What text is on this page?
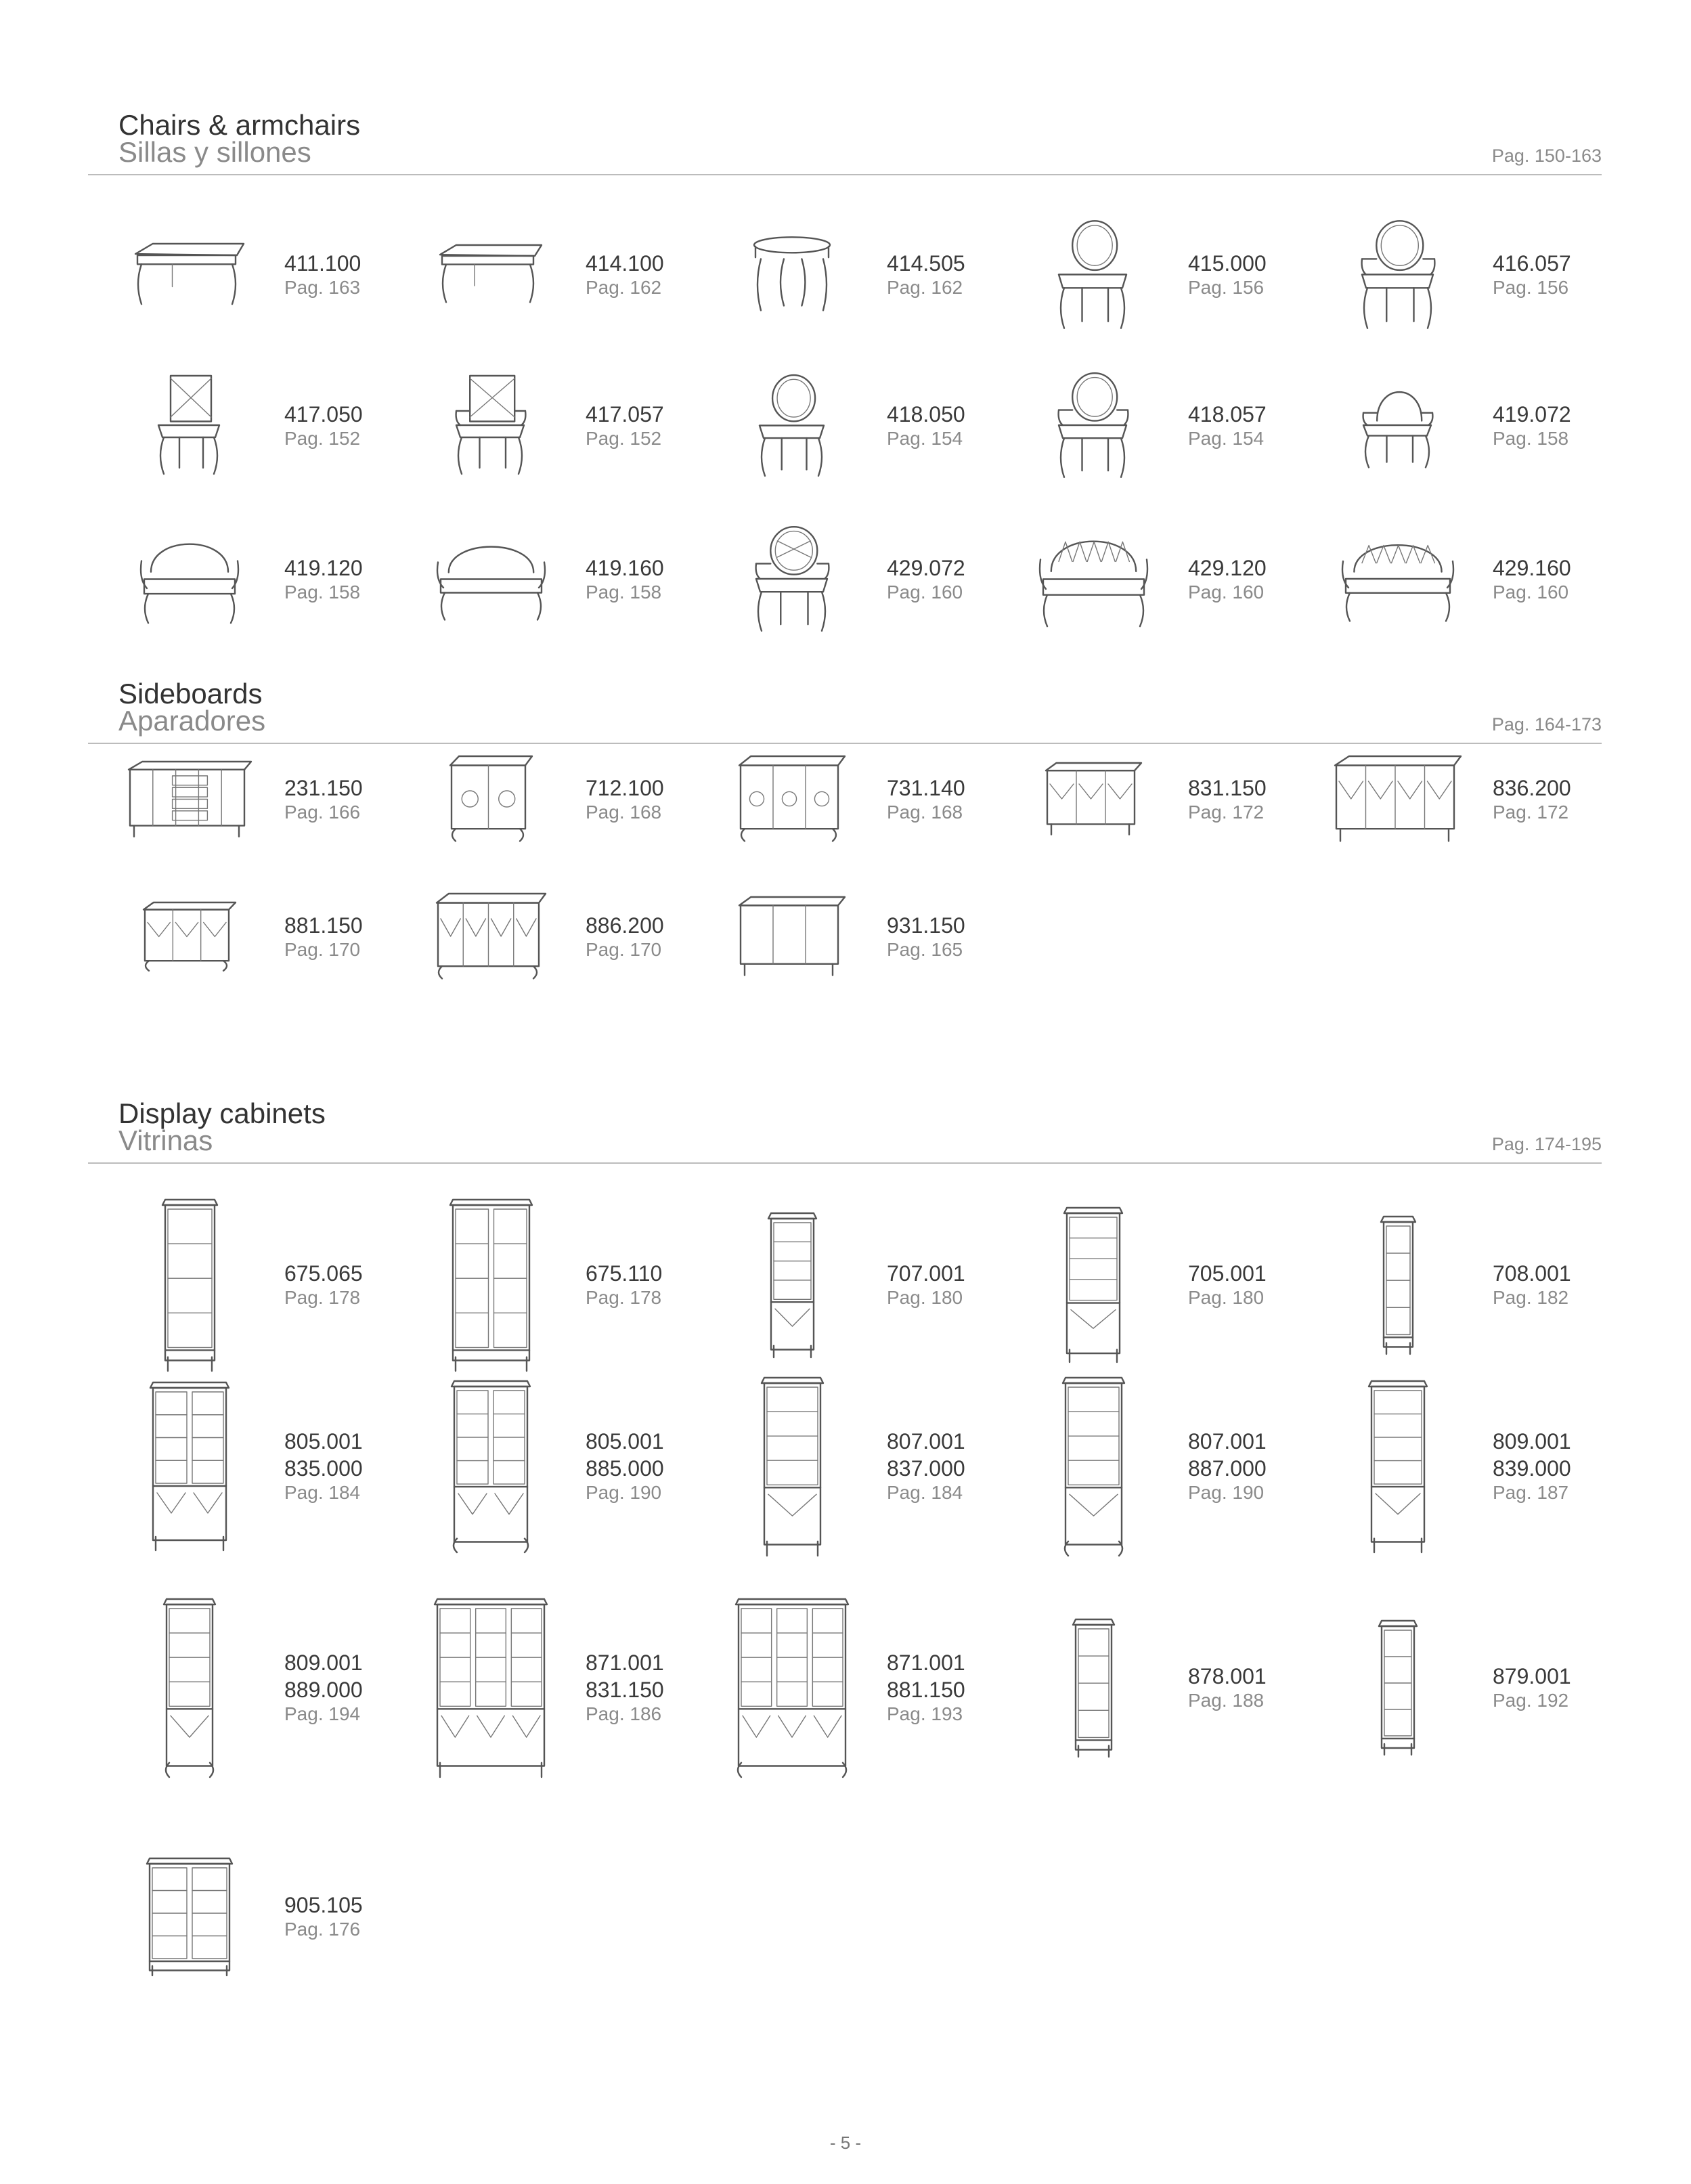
Chairs & armchairs
Sillas y sillones	Pag. 150-163
411.100
Pag. 163
414.100
Pag. 162
414.505
Pag. 162
415.000
Pag. 156
416.057
Pag. 156
417.050
Pag. 152
417.057
Pag. 152
418.050
Pag. 154
418.057
Pag. 154
419.072
Pag. 158
419.120
Pag. 158
419.160
Pag. 158
429.072
Pag. 160
429.120
Pag. 160
429.160
Pag. 160
Sideboards
Aparadores	Pag. 164-173
231.150
Pag. 166
712.100
Pag. 168
731.140
Pag. 168
831.150
Pag. 172
836.200
Pag. 172
881.150
Pag. 170
886.200
Pag. 170
931.150
Pag. 165
Display cabinets
Vitrinas	Pag. 174-195
675.065
Pag. 178
675.110
Pag. 178
707.001
Pag. 180
705.001
Pag. 180
708.001
Pag. 182
805.001
835.000
Pag. 184
805.001
885.000
Pag. 190
807.001
837.000
Pag. 184
807.001
887.000
Pag. 190
809.001
839.000
Pag. 187
809.001
889.000
Pag. 194
871.001
831.150
Pag. 186
871.001
881.150
Pag. 193
878.001
Pag. 188
879.001
Pag. 192
905.105
Pag. 176
- 5 -
